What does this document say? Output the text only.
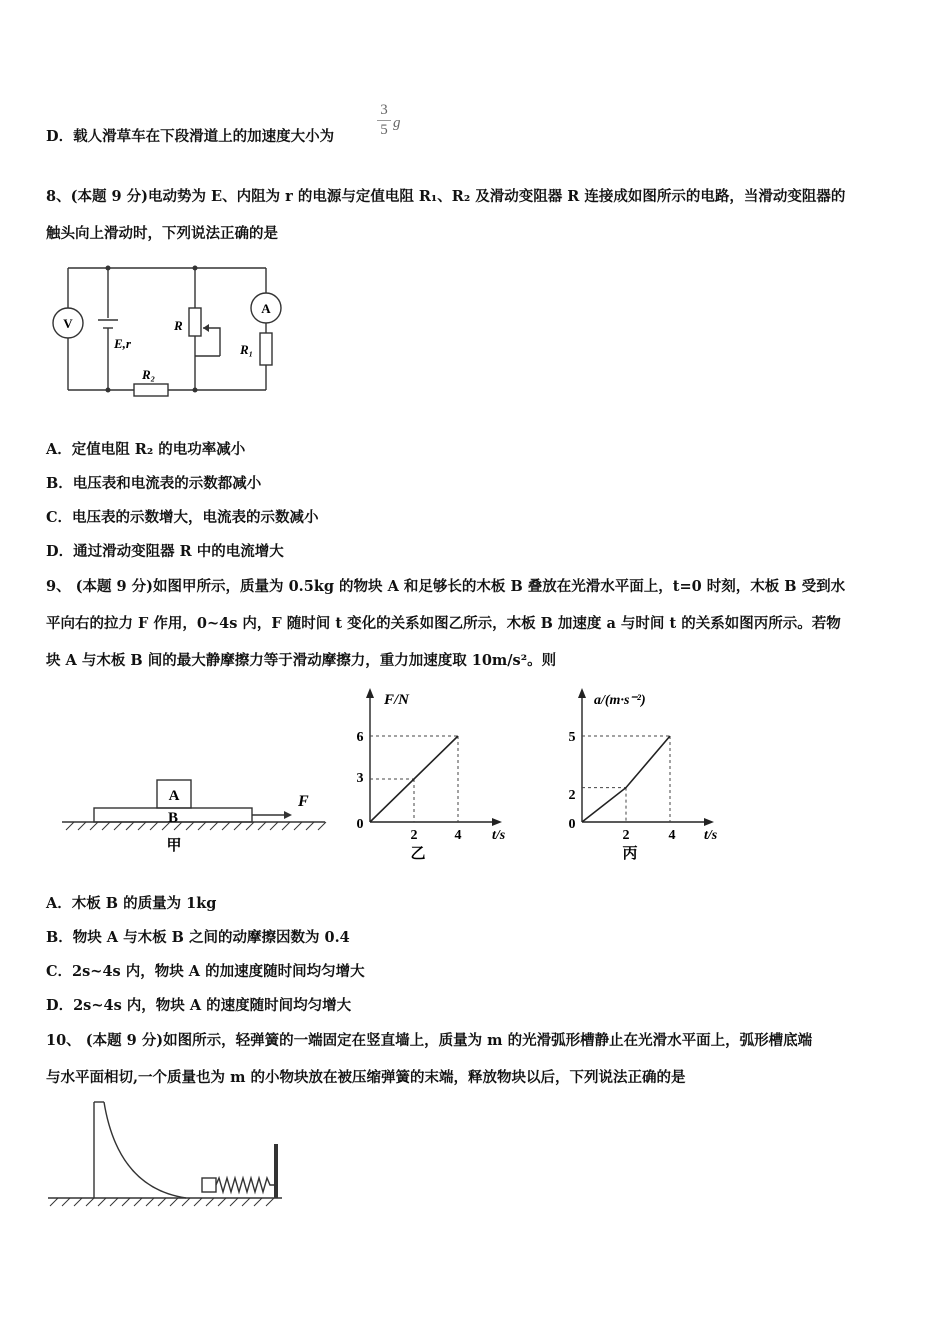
D．载人滑草车在下段滑道上的加速度大小为
3
5 g
8、(本题 9 分)电动势为 E、内阻为 r 的电源与定值电阻 R₁、R₂ 及滑动变阻器 R 连接成如图所示的电路，当滑动变阻器的
触头向上滑动时，下列说法正确的是
V
A
E,r
R
R₁
R₂
A．定值电阻 R₂ 的电功率减小
B．电压表和电流表的示数都减小
C．电压表的示数增大，电流表的示数减小
D．通过滑动变阻器 R 中的电流增大
9、 (本题 9 分)如图甲所示，质量为 0.5kg 的物块 A 和足够长的木板 B 叠放在光滑水平面上，t=0 时刻，木板 B 受到水
平向右的拉力 F 作用，0~4s 内，F 随时间 t 变化的关系如图乙所示，木板 B 加速度 a 与时间 t 的关系如图丙所示。若物
块 A 与木板 B 间的最大静摩擦力等于滑动摩擦力，重力加速度取 10m/s²。则
A
B
F
甲
F/N
t/s
0
3
6
2	4
乙
a/(m·s⁻²)
t/s
0
2
5
2	4
丙
A．木板 B 的质量为 1kg
B．物块 A 与木板 B 之间的动摩擦因数为 0.4
C．2s~4s 内，物块 A 的加速度随时间均匀增大
D．2s~4s 内，物块 A 的速度随时间均匀增大
10、 (本题 9 分)如图所示，轻弹簧的一端固定在竖直墙上，质量为 m 的光滑弧形槽静止在光滑水平面上，弧形槽底端
与水平面相切,一个质量也为 m 的小物块放在被压缩弹簧的末端，释放物块以后，下列说法正确的是
